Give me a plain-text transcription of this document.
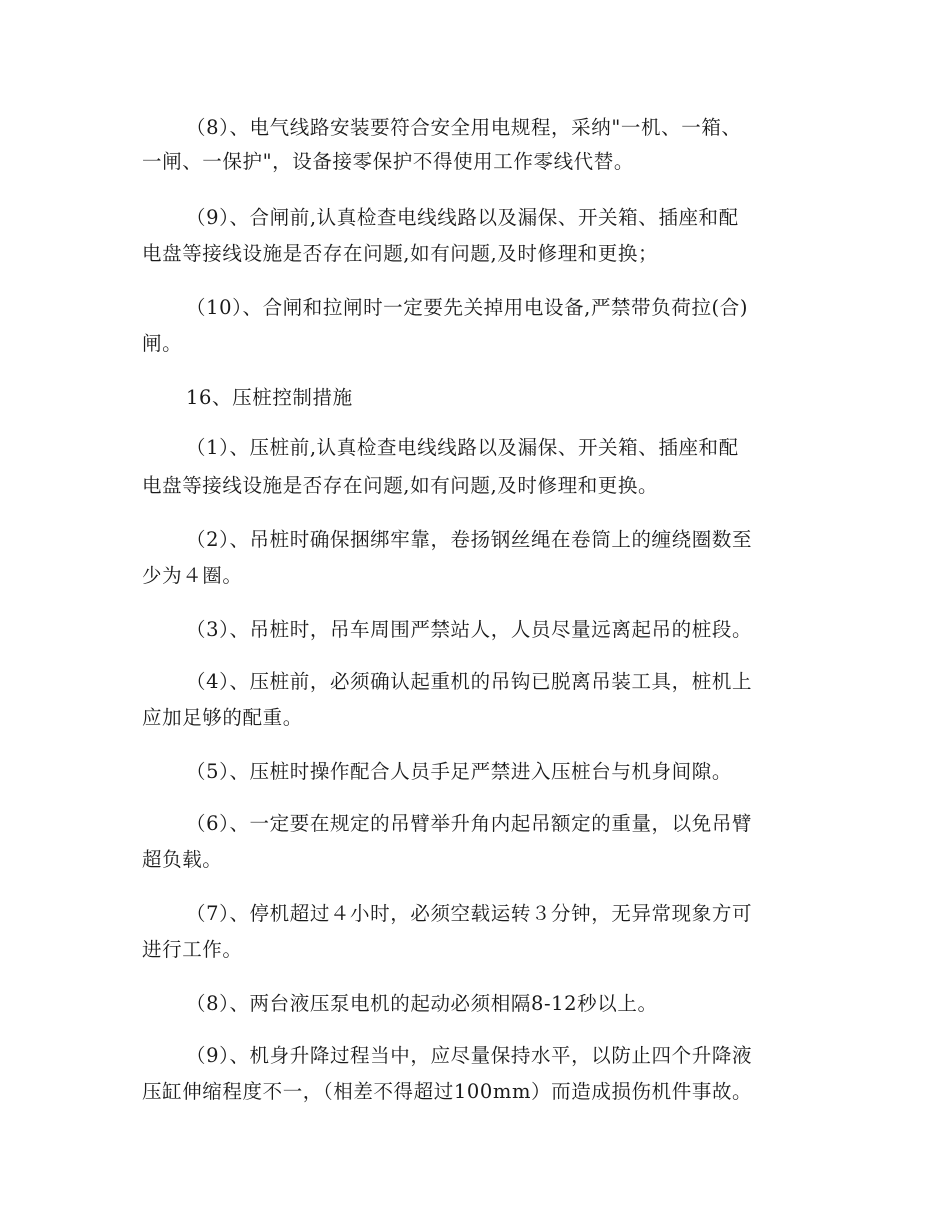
（8）、电气线路安装要符合安全用电规程，采纳"一机、一箱、
一闸、一保护"，设备接零保护不得使用工作零线代替。
（9）、合闸前,认真检查电线线路以及漏保、开关箱、插座和配
电盘等接线设施是否存在问题,如有问题,及时修理和更换；
（10）、合闸和拉闸时一定要先关掉用电设备,严禁带负荷拉(合)
闸。
16、压桩控制措施
（1）、压桩前,认真检查电线线路以及漏保、开关箱、插座和配
电盘等接线设施是否存在问题,如有问题,及时修理和更换。
（2）、吊桩时确保捆绑牢靠，卷扬钢丝绳在卷筒上的缠绕圈数至
少为４圈。
（3）、吊桩时，吊车周围严禁站人，人员尽量远离起吊的桩段。
（4）、压桩前，必须确认起重机的吊钩已脱离吊装工具，桩机上
应加足够的配重。
（5）、压桩时操作配合人员手足严禁进入压桩台与机身间隙。
（6）、一定要在规定的吊臂举升角内起吊额定的重量，以免吊臂
超负载。
（7）、停机超过４小时，必须空载运转３分钟，无异常现象方可
进行工作。
（8）、两台液压泵电机的起动必须相隔8-12秒以上。
（9）、机身升降过程当中，应尽量保持水平，以防止四个升降液
压缸伸缩程度不一，（相差不得超过100mm）而造成损伤机件事故。
